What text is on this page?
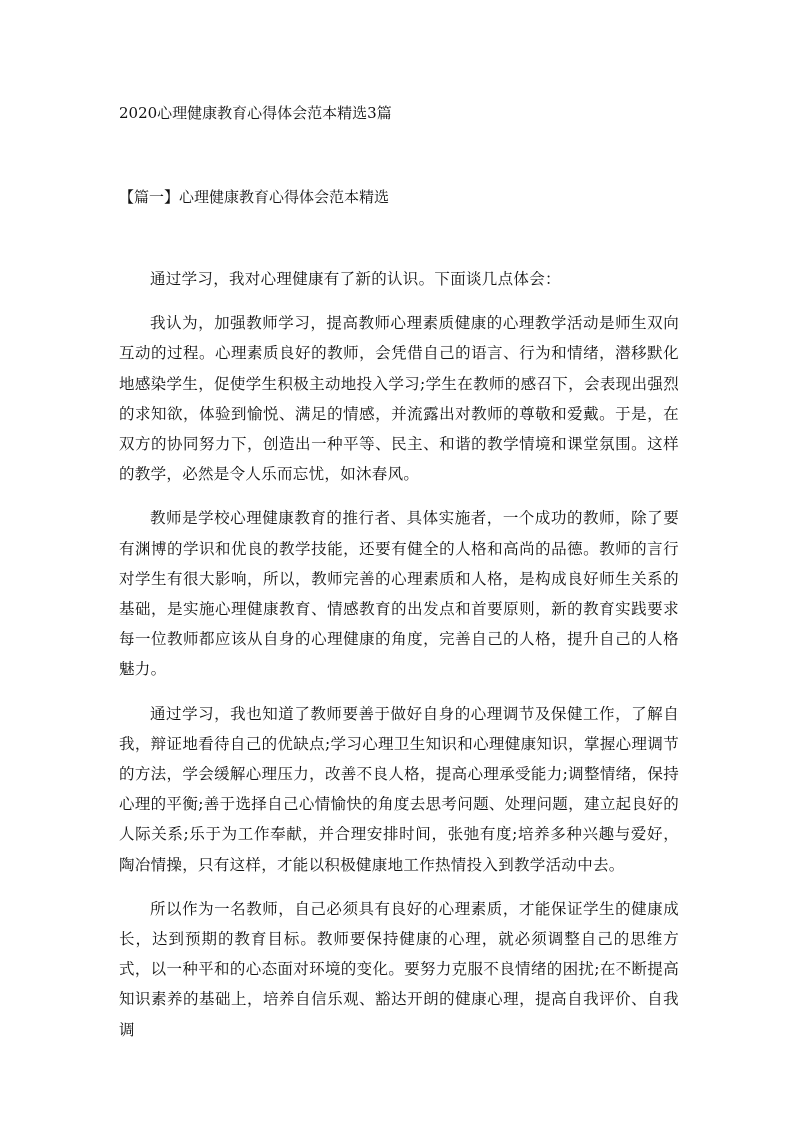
2020心理健康教育心得体会范本精选3篇
【篇一】心理健康教育心得体会范本精选

通过学习，我对心理健康有了新的认识。下面谈几点体会：

我认为，加强教师学习，提高教师心理素质健康的心理教学活动是师生双向互动的过程。心理素质良好的教师，会凭借自己的语言、行为和情绪，潜移默化地感染学生，促使学生积极主动地投入学习;学生在教师的感召下，会表现出强烈的求知欲，体验到愉悦、满足的情感，并流露出对教师的尊敬和爱戴。于是，在双方的协同努力下，创造出一种平等、民主、和谐的教学情境和课堂氛围。这样的教学，必然是令人乐而忘忧，如沐春风。

教师是学校心理健康教育的推行者、具体实施者，一个成功的教师，除了要有渊博的学识和优良的教学技能，还要有健全的人格和高尚的品德。教师的言行对学生有很大影响，所以，教师完善的心理素质和人格，是构成良好师生关系的基础，是实施心理健康教育、情感教育的出发点和首要原则，新的教育实践要求每一位教师都应该从自身的心理健康的角度，完善自己的人格，提升自己的人格魅力。

通过学习，我也知道了教师要善于做好自身的心理调节及保健工作，了解自我，辩证地看待自己的优缺点;学习心理卫生知识和心理健康知识，掌握心理调节的方法，学会缓解心理压力，改善不良人格，提高心理承受能力;调整情绪，保持心理的平衡;善于选择自己心情愉快的角度去思考问题、处理问题，建立起良好的人际关系;乐于为工作奉献，并合理安排时间，张弛有度;培养多种兴趣与爱好，陶冶情操，只有这样，才能以积极健康地工作热情投入到教学活动中去。

所以作为一名教师，自己必须具有良好的心理素质，才能保证学生的健康成长，达到预期的教育目标。教师要保持健康的心理，就必须调整自己的思维方式，以一种平和的心态面对环境的变化。要努力克服不良情绪的困扰;在不断提高知识素养的基础上，培养自信乐观、豁达开朗的健康心理，提高自我评价、自我调
